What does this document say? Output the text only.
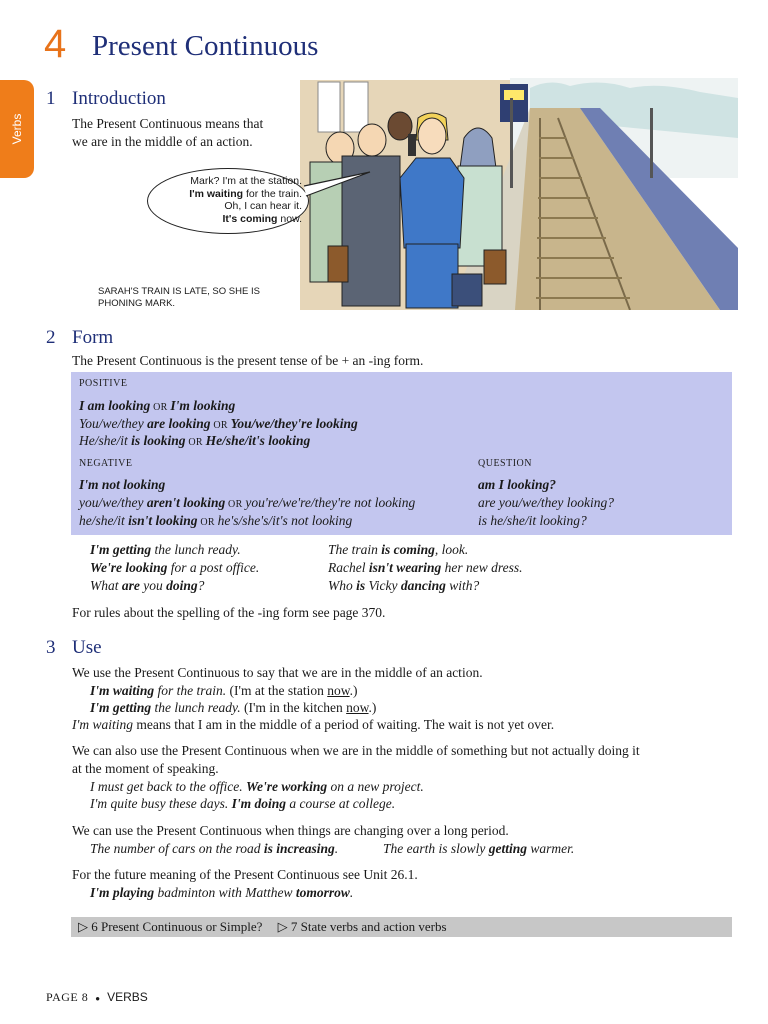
4 Present Continuous
Verbs
1 Introduction
The Present Continuous means that
we are in the middle of an action.
Mark? I'm at the station.
I'm waiting for the train.
Oh, I can hear it.
It's coming now.
SARAH'S TRAIN IS LATE, SO SHE IS
PHONING MARK.
2 Form
The Present Continuous is the present tense of be + an -ing form.
POSITIVE
I am looking OR I'm looking
You/we/they are looking OR You/we/they're looking
He/she/it is looking OR He/she/it's looking
NEGATIVE	QUESTION
I'm not looking
you/we/they aren't looking OR you're/we're/they're not looking
he/she/it isn't looking OR he's/she's/it's not looking
am I looking?
are you/we/they looking?
is he/she/it looking?
I'm getting the lunch ready.
We're looking for a post office.
What are you doing?
The train is coming, look.
Rachel isn't wearing her new dress.
Who is Vicky dancing with?
For rules about the spelling of the -ing form see page 370.
3 Use
We use the Present Continuous to say that we are in the middle of an action.
I'm waiting for the train. (I'm at the station now.)
I'm getting the lunch ready. (I'm in the kitchen now.)
I'm waiting means that I am in the middle of a period of waiting. The wait is not yet over.
We can also use the Present Continuous when we are in the middle of something but not actually doing it
at the moment of speaking.
I must get back to the office. We're working on a new project.
I'm quite busy these days. I'm doing a course at college.
We can use the Present Continuous when things are changing over a long period.
The number of cars on the road is increasing.	The earth is slowly getting warmer.
For the future meaning of the Present Continuous see Unit 26.1.
I'm playing badminton with Matthew tomorrow.
▷ 6 Present Continuous or Simple? ▷ 7 State verbs and action verbs
PAGE 8 ● VERBS
